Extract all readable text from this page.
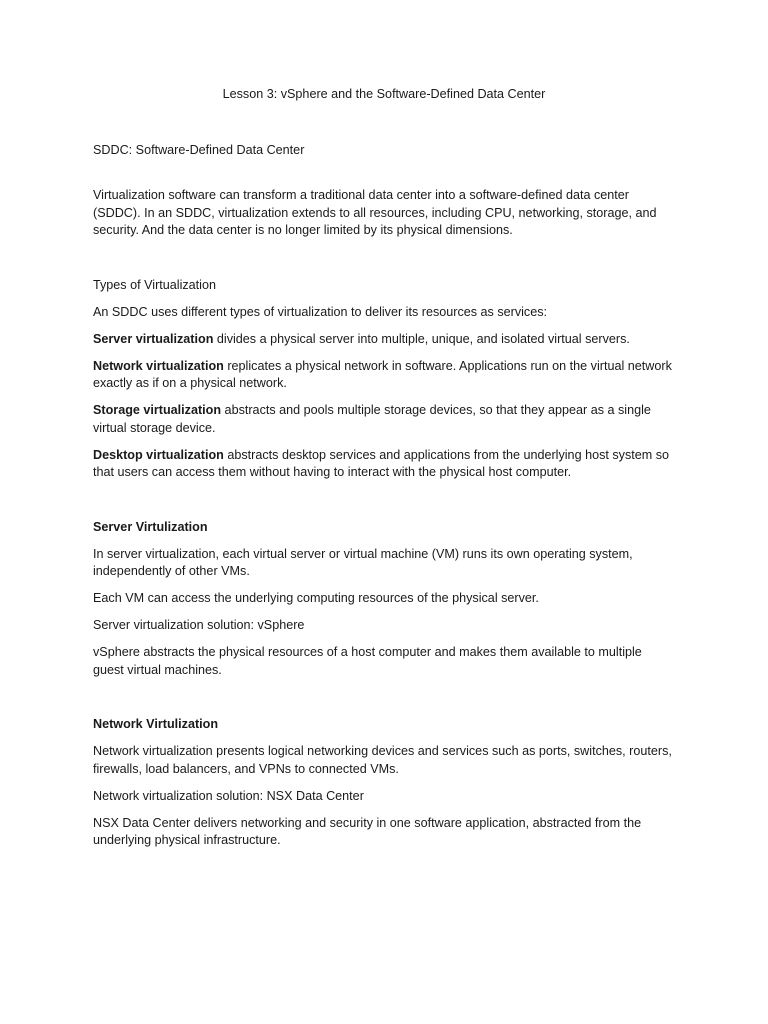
Lesson 3: vSphere and the Software-Defined Data Center

SDDC: Software-Defined Data Center

Virtualization software can transform a traditional data center into a software-defined data center (SDDC). In an SDDC, virtualization extends to all resources, including CPU, networking, storage, and security. And the data center is no longer limited by its physical dimensions.

Types of Virtualization

An SDDC uses different types of virtualization to deliver its resources as services:

Server virtualization divides a physical server into multiple, unique, and isolated virtual servers.

Network virtualization replicates a physical network in software. Applications run on the virtual network exactly as if on a physical network.

Storage virtualization abstracts and pools multiple storage devices, so that they appear as a single virtual storage device.

Desktop virtualization abstracts desktop services and applications from the underlying host system so that users can access them without having to interact with the physical host computer.

Server Virtulization

In server virtualization, each virtual server or virtual machine (VM) runs its own operating system, independently of other VMs.

Each VM can access the underlying computing resources of the physical server.

Server virtualization solution: vSphere

vSphere abstracts the physical resources of a host computer and makes them available to multiple guest virtual machines.

Network Virtulization

Network virtualization presents logical networking devices and services such as ports, switches, routers, firewalls, load balancers, and VPNs to connected VMs.

Network virtualization solution: NSX Data Center

NSX Data Center delivers networking and security in one software application, abstracted from the underlying physical infrastructure.
